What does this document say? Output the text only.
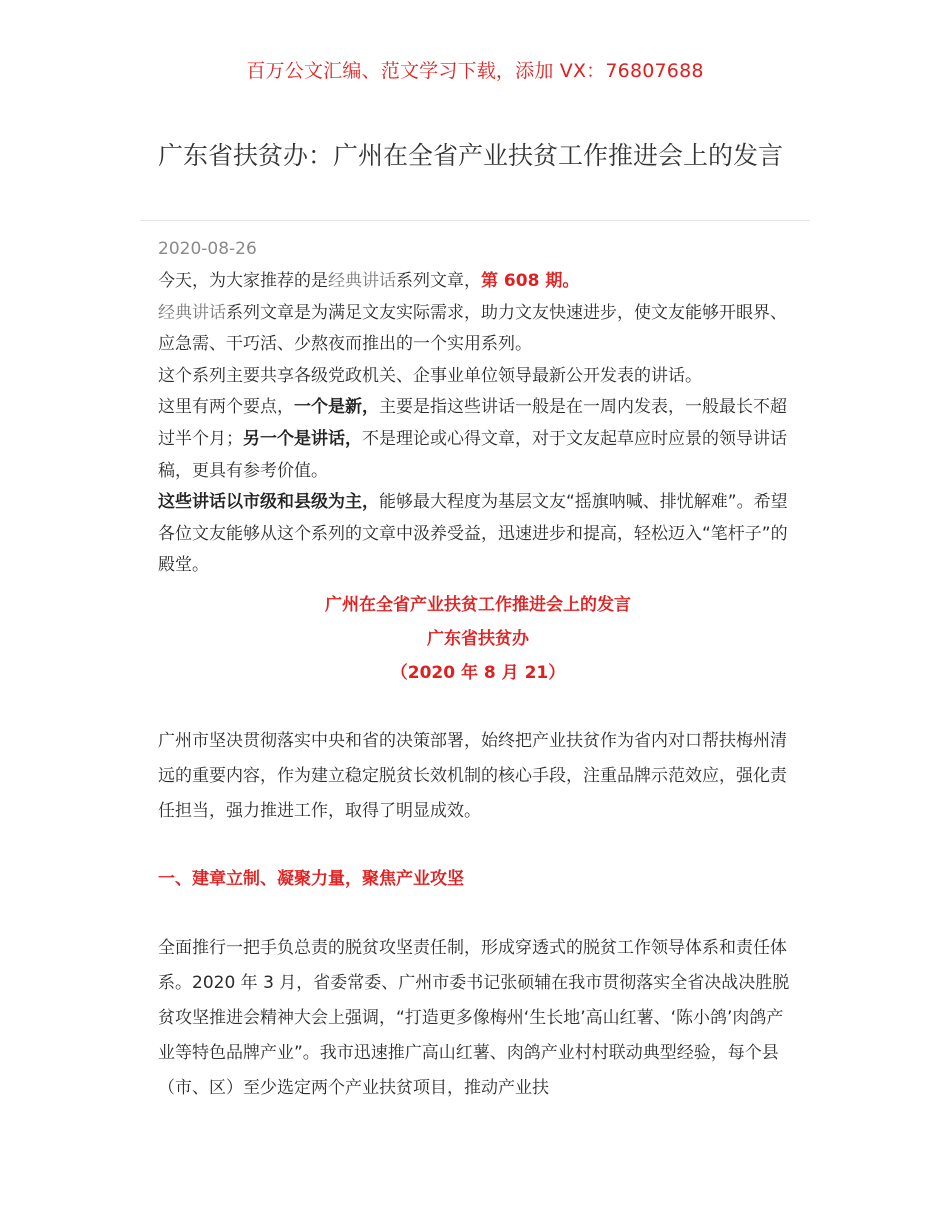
百万公文汇编、范文学习下载，添加 VX：76807688
广东省扶贫办：广州在全省产业扶贫工作推进会上的发言
2020-08-26

今天，为大家推荐的是经典讲话系列文章，第 608 期。

经典讲话系列文章是为满足文友实际需求，助力文友快速进步，使文友能够开眼界、应急需、干巧活、少熬夜而推出的一个实用系列。

这个系列主要共享各级党政机关、企事业单位领导最新公开发表的讲话。

这里有两个要点，一个是新，主要是指这些讲话一般是在一周内发表，一般最长不超过半个月；另一个是讲话，不是理论或心得文章，对于文友起草应时应景的领导讲话稿，更具有参考价值。

这些讲话以市级和县级为主，能够最大程度为基层文友“摇旗呐喊、排忧解难”。希望各位文友能够从这个系列的文章中汲养受益，迅速进步和提高，轻松迈入“笔杆子”的殿堂。

广州在全省产业扶贫工作推进会上的发言
广东省扶贫办
（2020 年 8 月 21）

广州市坚决贯彻落实中央和省的决策部署，始终把产业扶贫作为省内对口帮扶梅州清远的重要内容，作为建立稳定脱贫长效机制的核心手段，注重品牌示范效应，强化责任担当，强力推进工作，取得了明显成效。

一、建章立制、凝聚力量，聚焦产业攻坚

全面推行一把手负总责的脱贫攻坚责任制，形成穿透式的脱贫工作领导体系和责任体系。2020 年 3 月，省委常委、广州市委书记张硕辅在我市贯彻落实全省决战决胜脱贫攻坚推进会精神大会上强调，“打造更多像梅州‘生长地’高山红薯、‘陈小鸽’肉鸽产业等特色品牌产业”。我市迅速推广高山红薯、肉鸽产业村村联动典型经验，每个县（市、区）至少选定两个产业扶贫项目，推动产业扶
